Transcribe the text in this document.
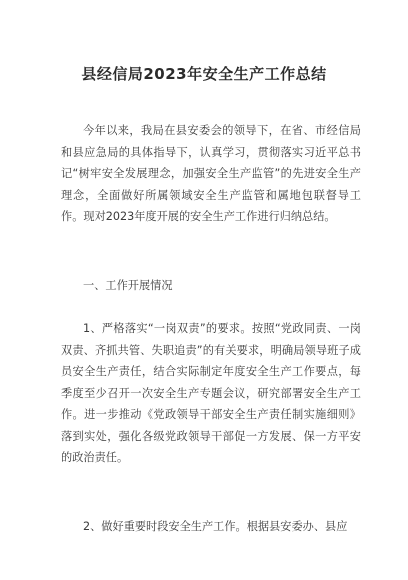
县经信局2023年安全生产工作总结
今年以来，我局在县安委会的领导下，在省、市经信局和县应急局的具体指导下，认真学习，贯彻落实习近平总书记“树牢安全发展理念，加强安全生产监管”的先进安全生产理念，全面做好所属领域安全生产监管和属地包联督导工作。现对2023年度开展的安全生产工作进行归纳总结。
一、工作开展情况
1、严格落实“一岗双责”的要求。按照“党政同责、一岗双责、齐抓共管、失职追责”的有关要求，明确局领导班子成员安全生产责任，结合实际制定年度安全生产工作要点，每季度至少召开一次安全生产专题会议，研究部署安全生产工作。进一步推动《党政领导干部安全生产责任制实施细则》落到实处，强化各级党政领导干部促一方发展、保一方平安的政治责任。
2、做好重要时段安全生产工作。根据县安委办、县应
